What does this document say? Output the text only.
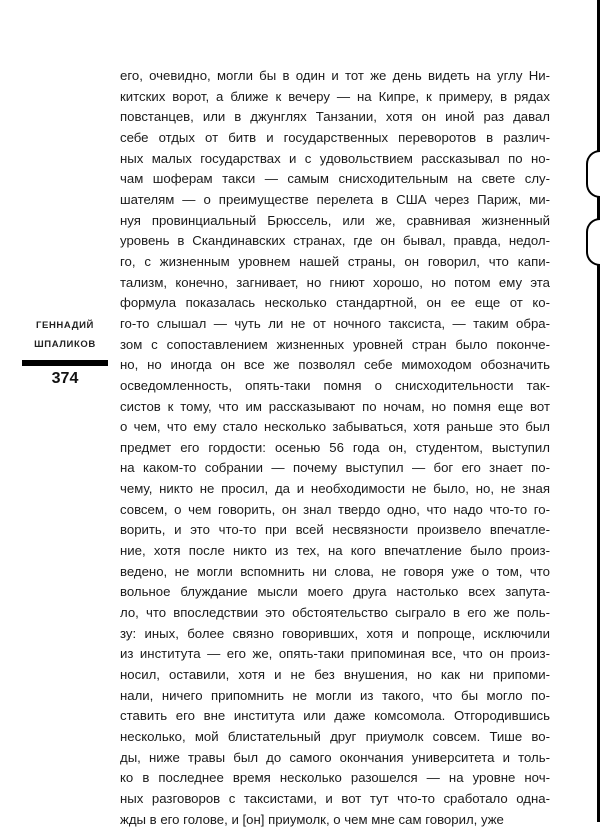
ГЕННАДИЙ
ШПАЛИКОВ
374
его, очевидно, могли бы в один и тот же день видеть на углу Ни-
китских ворот, а ближе к вечеру — на Кипре, к примеру, в рядах
повстанцев, или в джунглях Танзании, хотя он иной раз давал
себе отдых от битв и государственных переворотов в различ-
ных малых государствах и с удовольствием рассказывал по но-
чам шоферам такси — самым снисходительным на свете слу-
шателям — о преимуществе перелета в США через Париж, ми-
нуя провинциальный Брюссель, или же, сравнивая жизненный
уровень в Скандинавских странах, где он бывал, правда, недол-
го, с жизненным уровнем нашей страны, он говорил, что капи-
тализм, конечно, загнивает, но гниют хорошо, но потом ему эта
формула показалась несколько стандартной, он ее еще от ко-
го-то слышал — чуть ли не от ночного таксиста, — таким обра-
зом с сопоставлением жизненных уровней стран было поконче-
но, но иногда он все же позволял себе мимоходом обозначить
осведомленность, опять-таки помня о снисходительности так-
систов к тому, что им рассказывают по ночам, но помня еще вот
о чем, что ему стало несколько забываться, хотя раньше это был
предмет его гордости: осенью 56 года он, студентом, выступил
на каком-то собрании — почему выступил — бог его знает по-
чему, никто не просил, да и необходимости не было, но, не зная
совсем, о чем говорить, он знал твердо одно, что надо что-то го-
ворить, и это что-то при всей несвязности произвело впечатле-
ние, хотя после никто из тех, на кого впечатление было произ-
ведено, не могли вспомнить ни слова, не говоря уже о том, что
вольное блуждание мысли моего друга настолько всех запута-
ло, что впоследствии это обстоятельство сыграло в его же поль-
зу: иных, более связно говоривших, хотя и попроще, исключили
из института — его же, опять-таки припоминая все, что он произ-
носил, оставили, хотя и не без внушения, но как ни припоми-
нали, ничего припомнить не могли из такого, что бы могло по-
ставить его вне института или даже комсомола. Отгородившись
несколько, мой блистательный друг приумолк совсем. Тише во-
ды, ниже травы был до самого окончания университета и толь-
ко в последнее время несколько разошелся — на уровне ноч-
ных разговоров с таксистами, и вот тут что-то сработало одна-
жды в его голове, и [он] приумолк, о чем мне сам говорил, уже
